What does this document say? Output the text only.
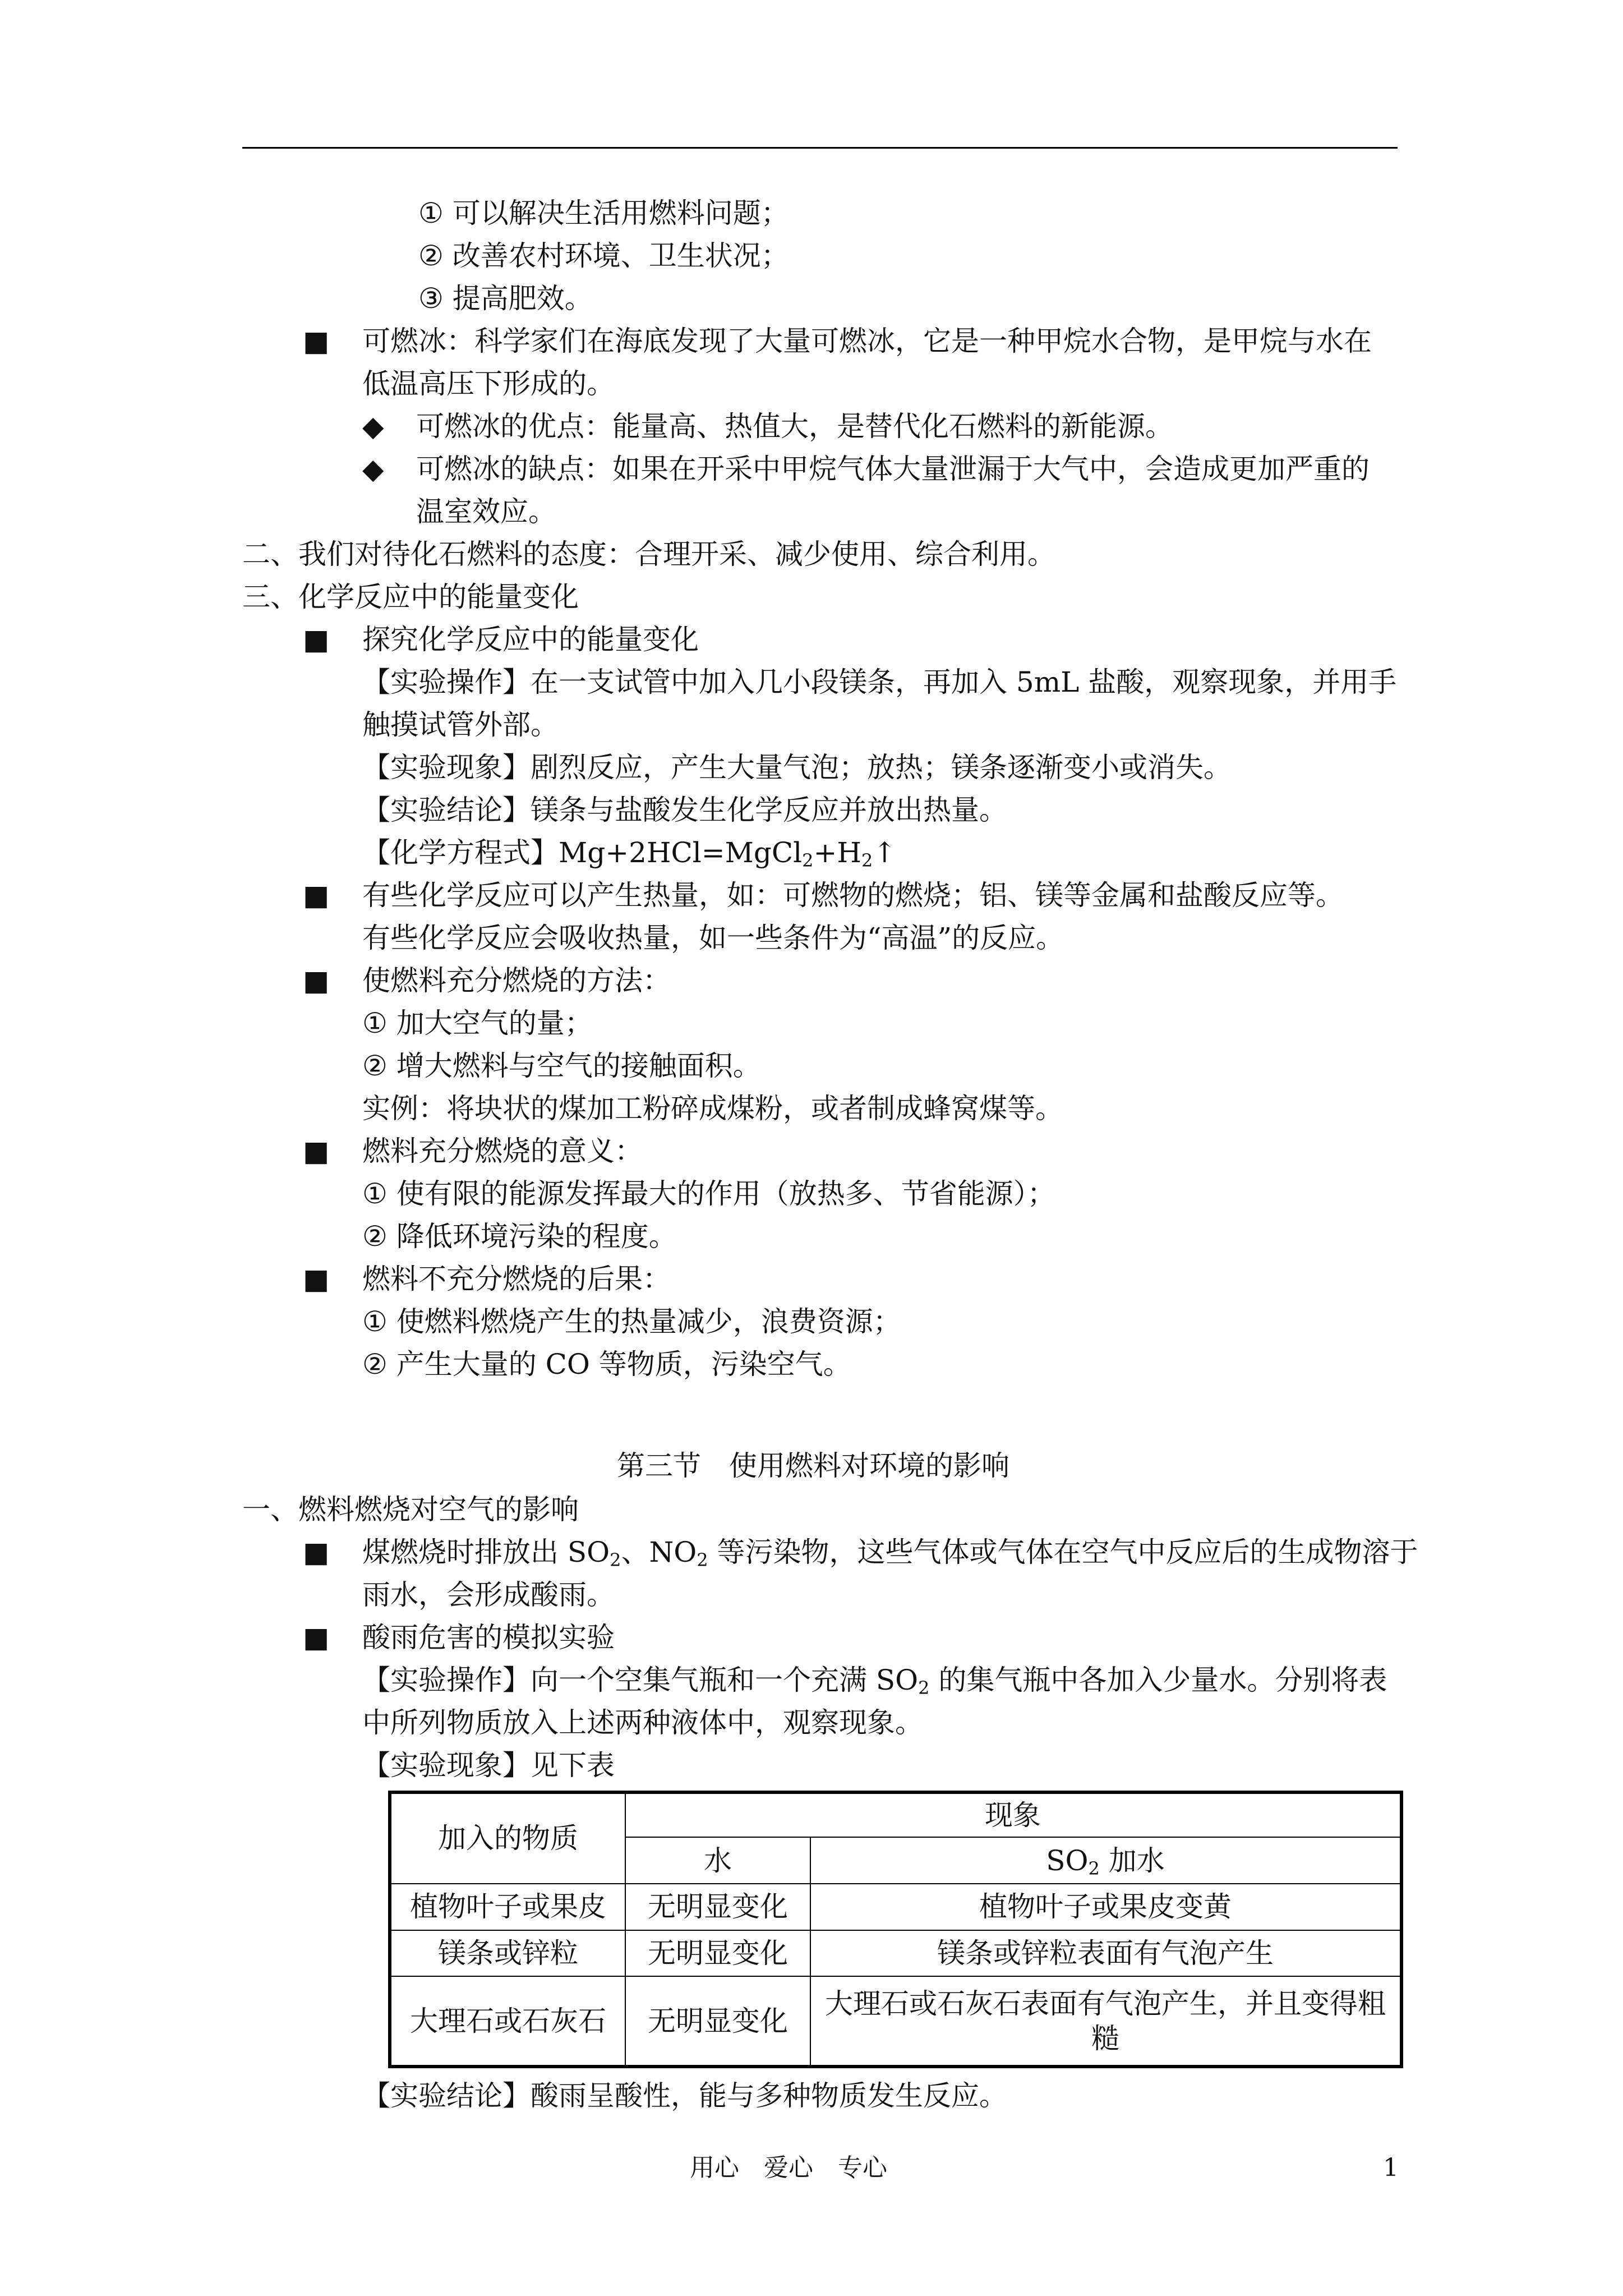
① 可以解决生活用燃料问题；
② 改善农村环境、卫生状况；
③ 提高肥效。
■ 可燃冰：科学家们在海底发现了大量可燃冰，它是一种甲烷水合物，是甲烷与水在
低温高压下形成的。
◆ 可燃冰的优点：能量高、热值大，是替代化石燃料的新能源。
◆ 可燃冰的缺点：如果在开采中甲烷气体大量泄漏于大气中，会造成更加严重的
温室效应。
二、我们对待化石燃料的态度：合理开采、减少使用、综合利用。
三、化学反应中的能量变化
■ 探究化学反应中的能量变化
【实验操作】在一支试管中加入几小段镁条，再加入 5mL 盐酸，观察现象，并用手
触摸试管外部。
【实验现象】剧烈反应，产生大量气泡；放热；镁条逐渐变小或消失。
【实验结论】镁条与盐酸发生化学反应并放出热量。
【化学方程式】$Mg+2HCl=MgCl_2+H_2↑$
■ 有些化学反应可以产生热量，如：可燃物的燃烧；铝、镁等金属和盐酸反应等。
有些化学反应会吸收热量，如一些条件为“高温”的反应。
■ 使燃料充分燃烧的方法：
① 加大空气的量；
② 增大燃料与空气的接触面积。
实例：将块状的煤加工粉碎成煤粉，或者制成蜂窝煤等。
■ 燃料充分燃烧的意义：
① 使有限的能源发挥最大的作用（放热多、节省能源）；
② 降低环境污染的程度。
■ 燃料不充分燃烧的后果：
① 使燃料燃烧产生的热量减少，浪费资源；
② 产生大量的 CO 等物质，污染空气。
第三节　使用燃料对环境的影响
一、燃料燃烧对空气的影响
■ 煤燃烧时排放出 $SO_2$、$NO_2$ 等污染物，这些气体或气体在空气中反应后的生成物溶于
雨水，会形成酸雨。
■ 酸雨危害的模拟实验
【实验操作】向一个空集气瓶和一个充满 $SO_2$ 的集气瓶中各加入少量水。分别将表
中所列物质放入上述两种液体中，观察现象。
【实验现象】见下表
加入的物质	现象	
	水	$SO_2$ 加水
植物叶子或果皮	无明显变化	植物叶子或果皮变黄
镁条或锌粒	无明显变化	镁条或锌粒表面有气泡产生
大理石或石灰石	无明显变化	大理石或石灰石表面有气泡产生，并且变得粗糙
【实验结论】酸雨呈酸性，能与多种物质发生反应。
用心　爱心　专心	1
